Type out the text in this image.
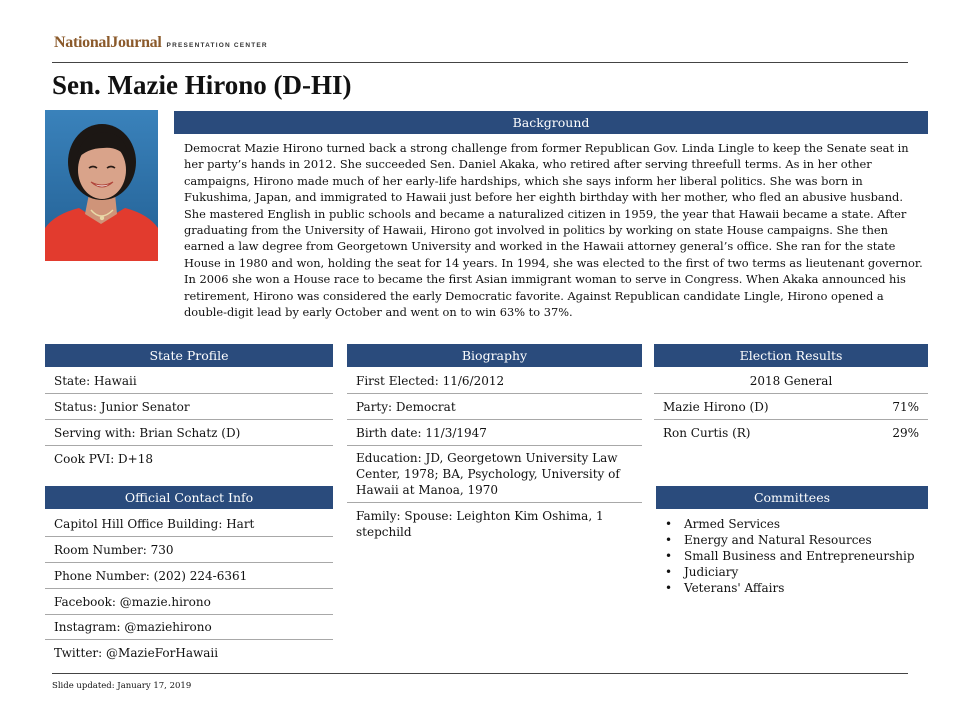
NationalJournal PRESENTATION CENTER
Sen. Mazie Hirono (D-HI)
Background
Democrat Mazie Hirono turned back a strong challenge from former Republican Gov. Linda Lingle to keep the Senate seat in her party’s hands in 2012. She succeeded Sen. Daniel Akaka, who retired after serving threefull terms. As in her other campaigns, Hirono made much of her early-life hardships, which she says inform her liberal politics. She was born in Fukushima, Japan, and immigrated to Hawaii just before her eighth birthday with her mother, who fled an abusive husband. She mastered English in public schools and became a naturalized citizen in 1959, the year that Hawaii became a state. After graduating from the University of Hawaii, Hirono got involved in politics by working on state House campaigns. She then earned a law degree from Georgetown University and worked in the Hawaii attorney general’s office. She ran for the state House in 1980 and won, holding the seat for 14 years. In 1994, she was elected to the first of two terms as lieutenant governor. In 2006 she won a House race to became the first Asian immigrant woman to serve in Congress. When Akaka announced his retirement, Hirono was considered the early Democratic favorite. Against Republican candidate Lingle, Hirono opened a double-digit lead by early October and went on to win 63% to 37%.
State Profile
State: Hawaii
Status: Junior Senator
Serving with: Brian Schatz (D)
Cook PVI: D+18
Official Contact Info
Capitol Hill Office Building: Hart
Room Number: 730
Phone Number: (202) 224-6361
Facebook: @mazie.hirono
Instagram: @maziehirono
Twitter: @MazieForHawaii
Biography
First Elected: 11/6/2012
Party: Democrat
Birth date: 11/3/1947
Education: JD, Georgetown University Law Center, 1978; BA, Psychology, University of Hawaii at Manoa, 1970
Family: Spouse: Leighton Kim Oshima, 1 stepchild
Election Results
2018 General
Mazie Hirono (D)	71%
Ron Curtis (R)	29%
Committees
• Armed Services
• Energy and Natural Resources
• Small Business and Entrepreneurship
• Judiciary
• Veterans' Affairs
Slide updated: January 17, 2019
